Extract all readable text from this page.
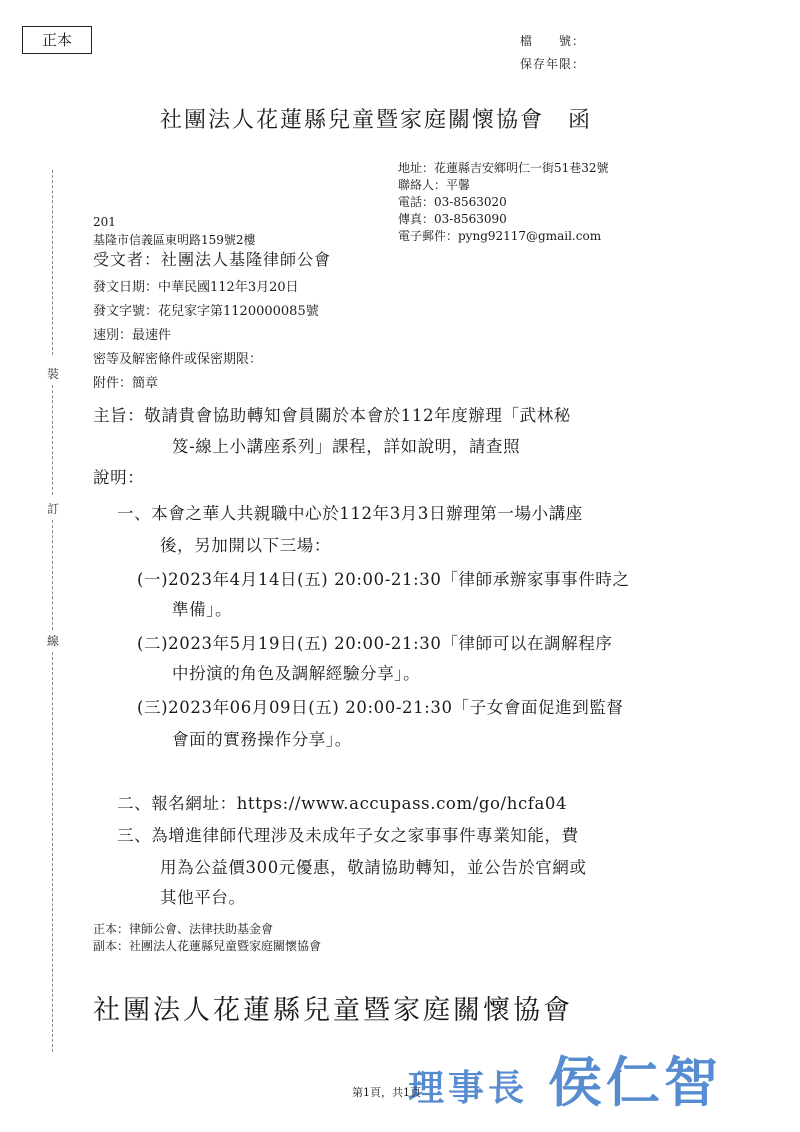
正本	檔　　號：
保存年限：
社團法人花蓮縣兒童暨家庭關懷協會　函
地址：花蓮縣吉安鄉明仁一街51巷32號
聯絡人：平馨
電話：03-8563020
傳真：03-8563090
電子郵件：pyng92117@gmail.com
201
基隆市信義區東明路159號2樓
受文者：社團法人基隆律師公會
發文日期：中華民國112年3月20日
發文字號：花兒家字第1120000085號
速別：最速件
密等及解密條件或保密期限：
附件：簡章
裝
訂
線
主旨：敬請貴會協助轉知會員關於本會於112年度辦理「武林秘
笈-線上小講座系列」課程，詳如說明，請查照
說明：
一、本會之華人共親職中心於112年3月3日辦理第一場小講座
後，另加開以下三場：
(一)2023年4月14日(五) 20:00-21:30「律師承辦家事事件時之
準備」。
(二)2023年5月19日(五) 20:00-21:30「律師可以在調解程序
中扮演的角色及調解經驗分享」。
(三)2023年06月09日(五) 20:00-21:30「子女會面促進到監督
會面的實務操作分享」。
二、報名網址：https://www.accupass.com/go/hcfa04
三、為增進律師代理涉及未成年子女之家事事件專業知能，費
用為公益價300元優惠，敬請協助轉知，並公告於官網或
其他平台。
正本：律師公會、法律扶助基金會
副本：社團法人花蓮縣兒童暨家庭關懷協會
社團法人花蓮縣兒童暨家庭關懷協會
理事長 侯仁智
第1頁，共1頁
